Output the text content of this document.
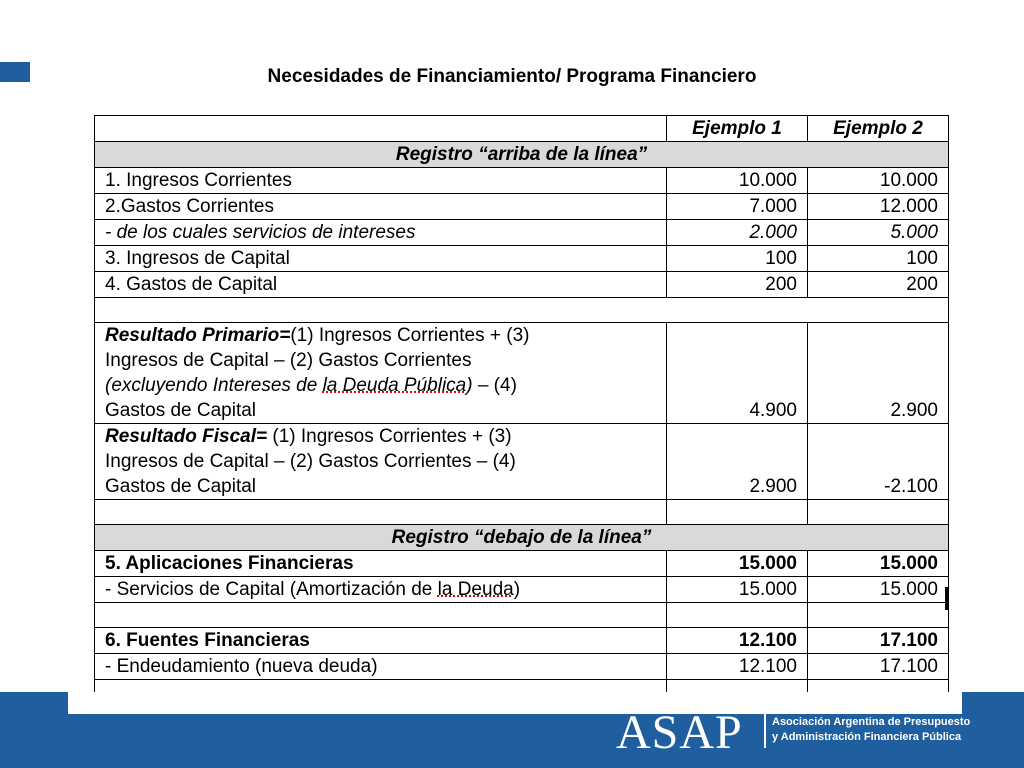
Necesidades de Financiamiento/ Programa Financiero
	Ejemplo 1	Ejemplo 2
Registro “arriba de la línea”		
1. Ingresos Corrientes	10.000	10.000
2.Gastos Corrientes	7.000	12.000
- de los cuales servicios de intereses	2.000	5.000
3. Ingresos de Capital	100	100
4. Gastos de Capital	200	200

Resultado Primario=(1) Ingresos Corrientes + (3)
Ingresos de Capital – (2) Gastos Corrientes
(excluyendo Intereses de la Deuda Pública) – (4)
Gastos de Capital	4.900	2.900
Resultado Fiscal= (1) Ingresos Corrientes + (3)
Ingresos de Capital – (2) Gastos Corrientes – (4)
Gastos de Capital	2.900	-2.100

Registro “debajo de la línea”		
5. Aplicaciones Financieras	15.000	15.000
- Servicios de Capital (Amortización de la Deuda)	15.000	15.000

6. Fuentes Financieras	12.100	17.100
- Endeudamiento (nueva deuda)	12.100	17.100

ASAP	Asociación Argentina de Presupuesto
y Administración Financiera Pública
